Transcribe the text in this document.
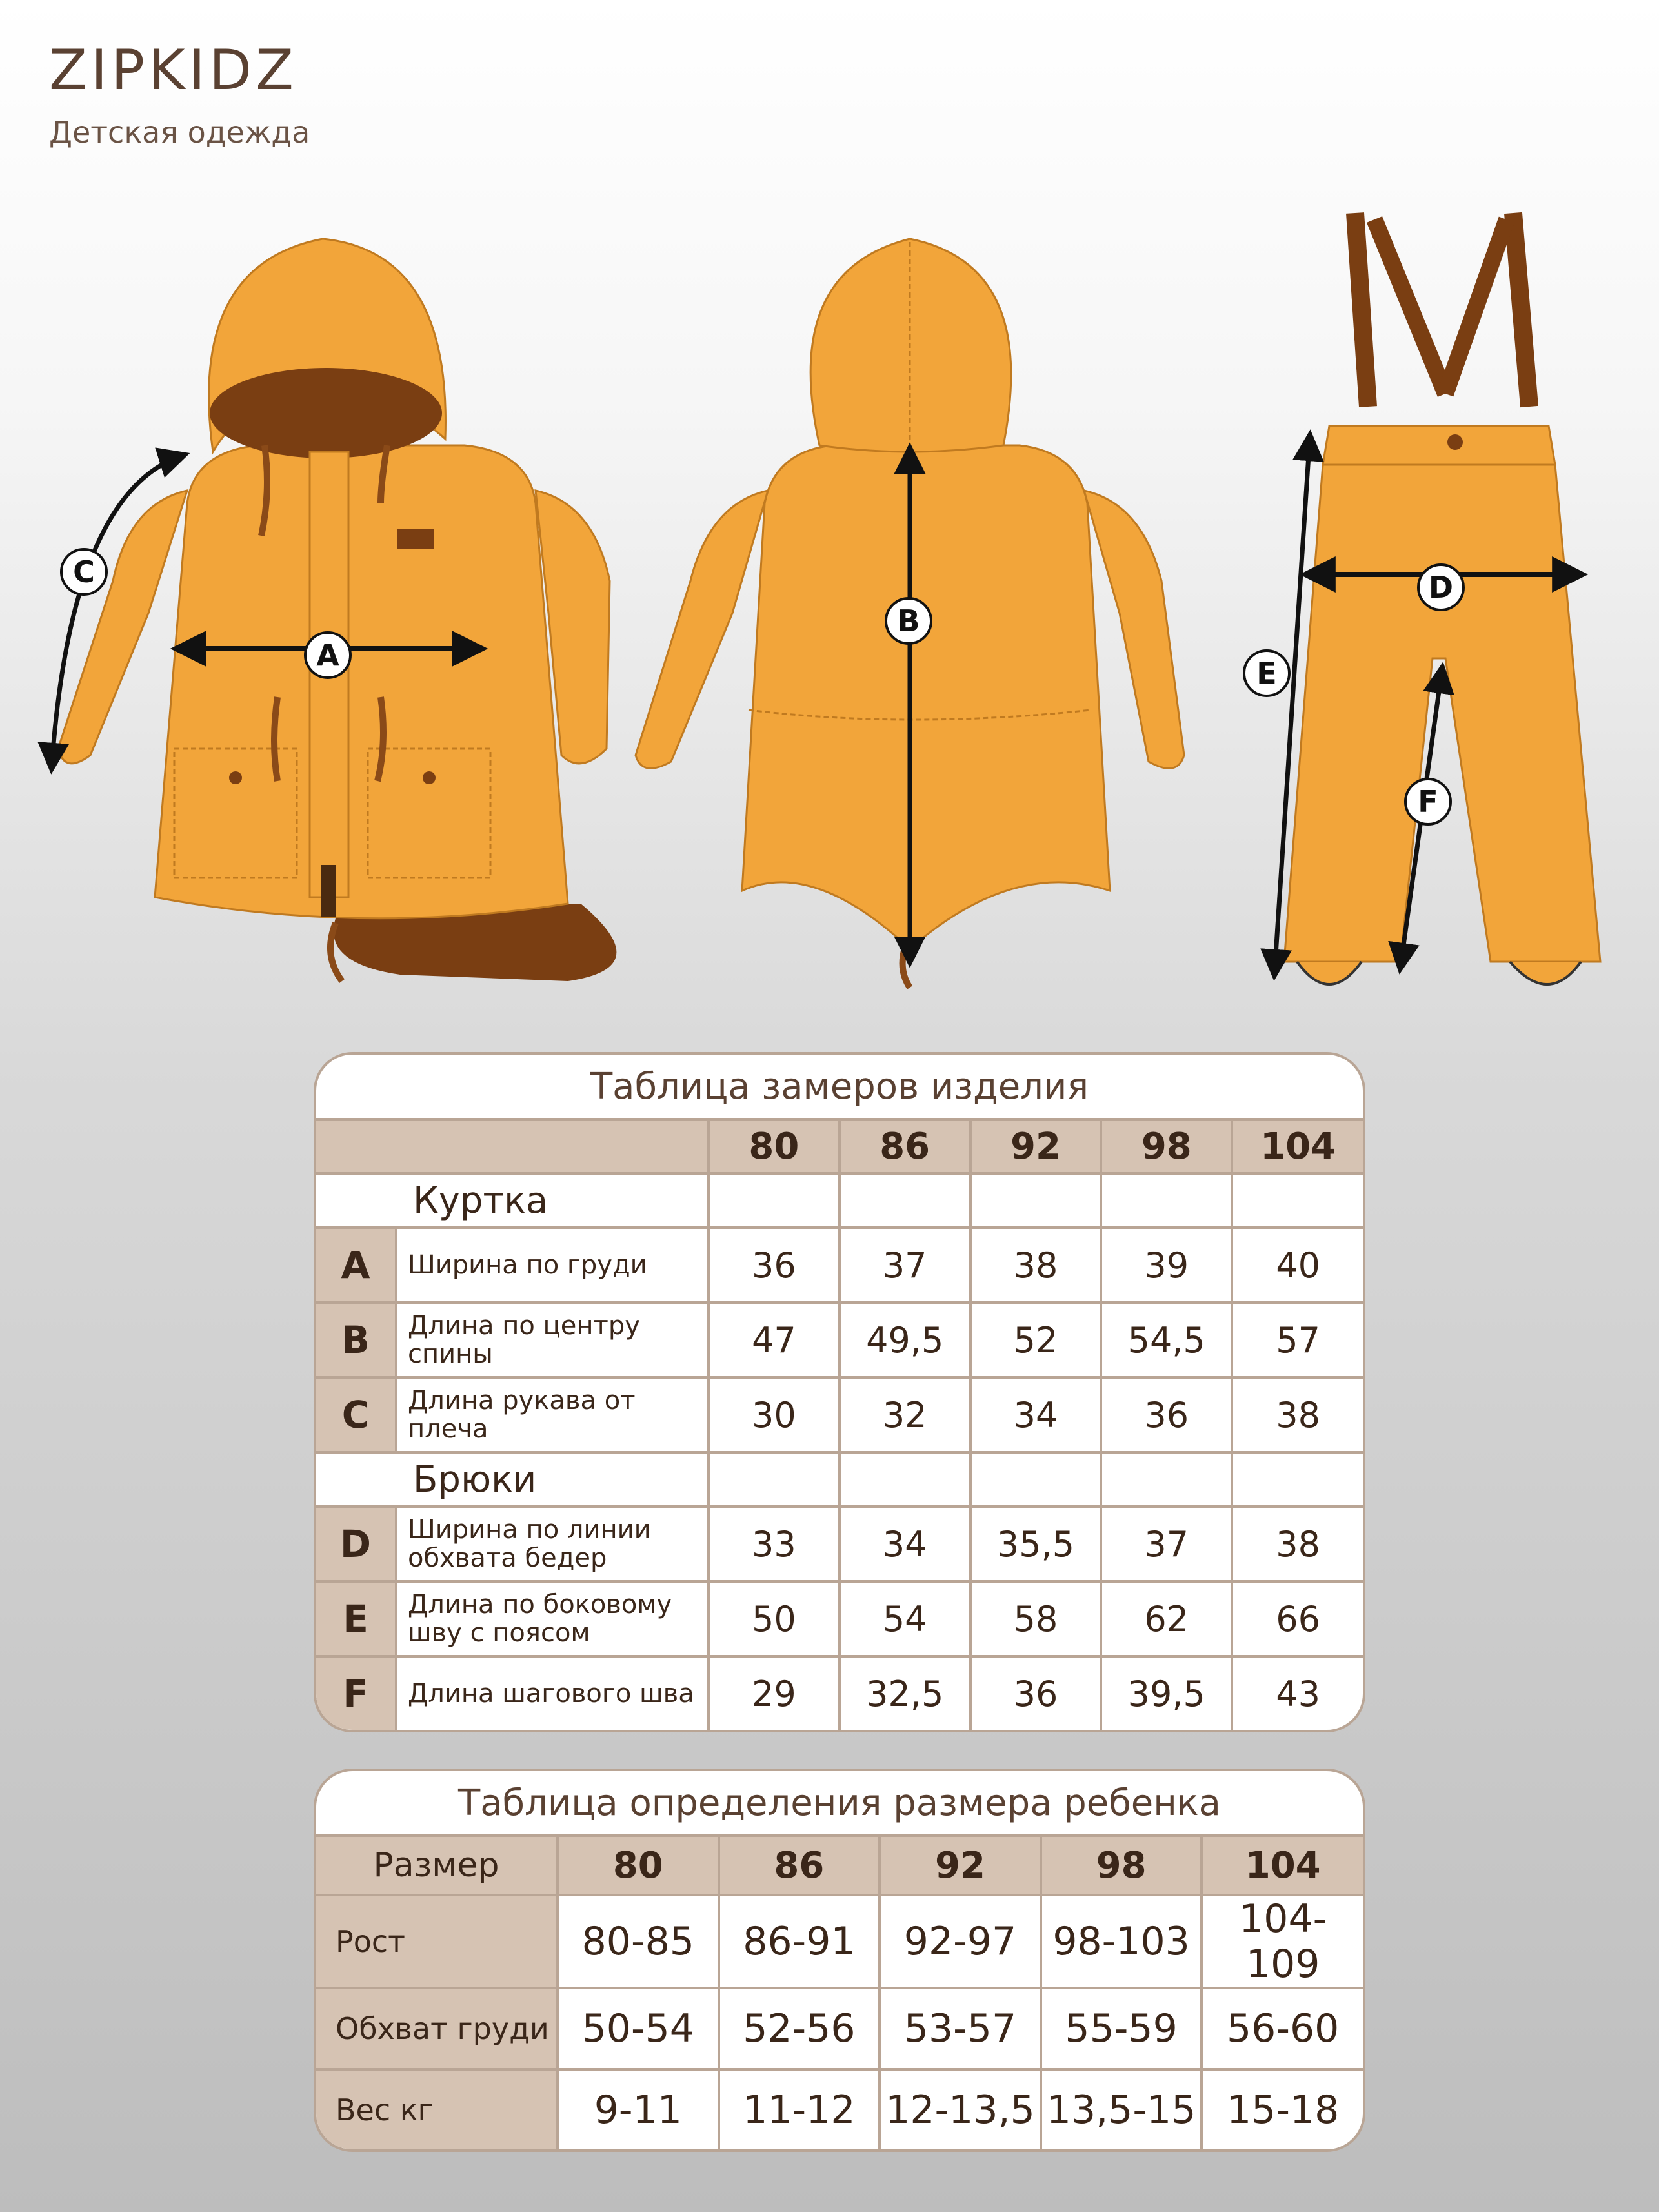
ZIPKIDZ
Детская одежда
A
B
C	D
E
F
Таблица замеров изделия
		80	86	92	98	104
Куртка						
A	Ширина по груди	36	37	38	39	40
B	Длина по центру спины	47	49,5	52	54,5	57
C	Длина рукава от плеча	30	32	34	36	38
Брюки						
D	Ширина по линии обхвата бедер	33	34	35,5	37	38
E	Длина по боковому шву с поясом	50	54	58	62	66
F	Длина шагового шва	29	32,5	36	39,5	43
Таблица определения размера ребенка
Размер	80	86	92	98	104
Рост	80-85	86-91	92-97	98-103	104-109
Обхват груди	50-54	52-56	53-57	55-59	56-60
Вес кг	9-11	11-12	12-13,5	13,5-15	15-18
